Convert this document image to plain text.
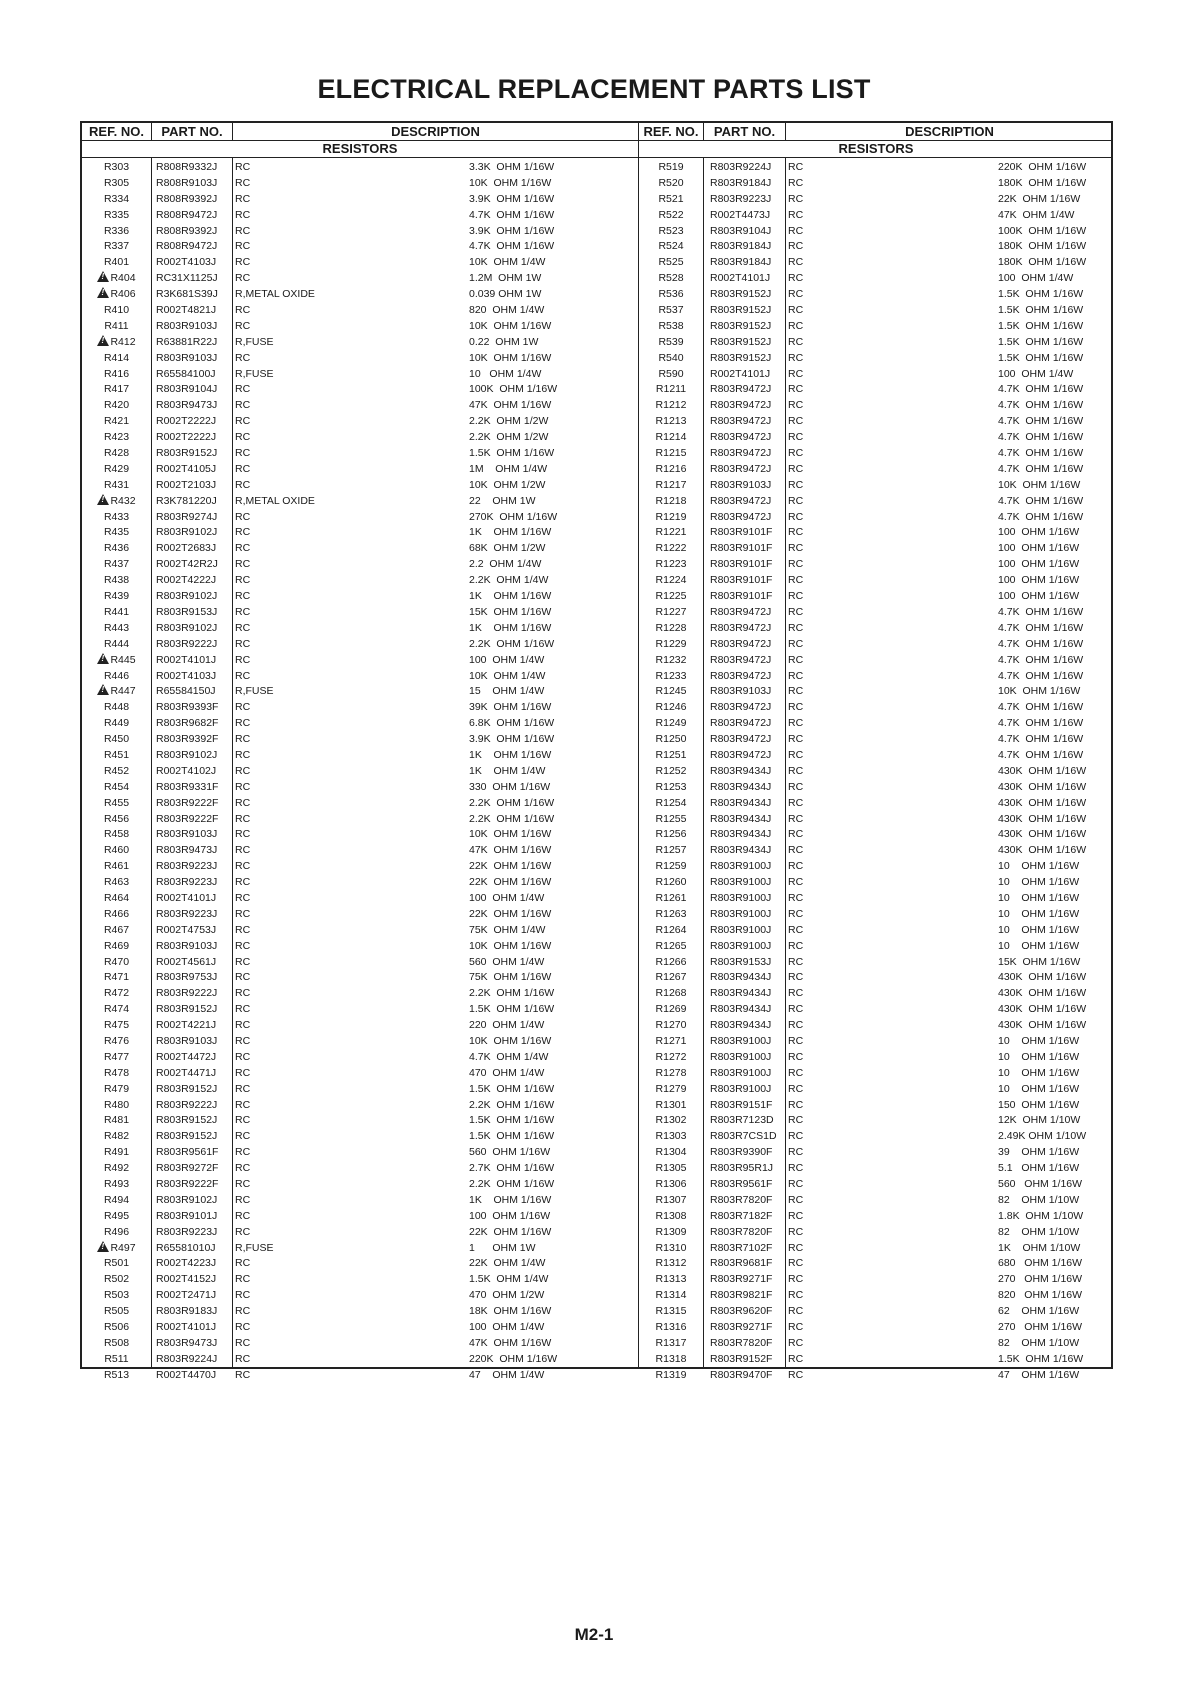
ELECTRICAL REPLACEMENT PARTS LIST
REF. NO.	PART NO.	DESCRIPTION	REF. NO.	PART NO.	DESCRIPTION
RESISTORS	RESISTORS
R303	R808R9332J RC	3.3K  OHM 1/16W
R305	R808R9103J RC	10K  OHM 1/16W
R334	R808R9392J RC	3.9K  OHM 1/16W
R335	R808R9472J RC	4.7K  OHM 1/16W
R336	R808R9392J RC	3.9K  OHM 1/16W
R337	R808R9472J RC	4.7K  OHM 1/16W
R401	R002T4103J RC	10K  OHM 1/4W
!R404	RC31X1125J RC	1.2M  OHM 1W
!R406	R3K681S39J R,METAL OXIDE	0.039 OHM 1W
R410	R002T4821J RC	820  OHM 1/4W
R411	R803R9103J RC	10K  OHM 1/16W
!R412	R63881R22J R,FUSE	0.22  OHM 1W
R414	R803R9103J RC	10K  OHM 1/16W
R416	R65584100J R,FUSE	10   OHM 1/4W
R417	R803R9104J RC	100K  OHM 1/16W
R420	R803R9473J RC	47K  OHM 1/16W
R421	R002T2222J RC	2.2K  OHM 1/2W
R423	R002T2222J RC	2.2K  OHM 1/2W
R428	R803R9152J RC	1.5K  OHM 1/16W
R429	R002T4105J RC	1M    OHM 1/4W
R431	R002T2103J RC	10K  OHM 1/2W
!R432	R3K781220J R,METAL OXIDE	22    OHM 1W
R433	R803R9274J RC	270K  OHM 1/16W
R435	R803R9102J RC	1K    OHM 1/16W
R436	R002T2683J RC	68K  OHM 1/2W
R437	R002T42R2J RC	2.2  OHM 1/4W
R438	R002T4222J RC	2.2K  OHM 1/4W
R439	R803R9102J RC	1K    OHM 1/16W
R441	R803R9153J RC	15K  OHM 1/16W
R443	R803R9102J RC	1K    OHM 1/16W
R444	R803R9222J RC	2.2K  OHM 1/16W
!R445	R002T4101J RC	100  OHM 1/4W
R446	R002T4103J RC	10K  OHM 1/4W
!R447	R65584150J R,FUSE	15    OHM 1/4W
R448	R803R9393F RC	39K  OHM 1/16W
R449	R803R9682F RC	6.8K  OHM 1/16W
R450	R803R9392F RC	3.9K  OHM 1/16W
R451	R803R9102J RC	1K    OHM 1/16W
R452	R002T4102J RC	1K    OHM 1/4W
R454	R803R9331F RC	330  OHM 1/16W
R455	R803R9222F RC	2.2K  OHM 1/16W
R456	R803R9222F RC	2.2K  OHM 1/16W
R458	R803R9103J RC	10K  OHM 1/16W
R460	R803R9473J RC	47K  OHM 1/16W
R461	R803R9223J RC	22K  OHM 1/16W
R463	R803R9223J RC	22K  OHM 1/16W
R464	R002T4101J RC	100  OHM 1/4W
R466	R803R9223J RC	22K  OHM 1/16W
R467	R002T4753J RC	75K  OHM 1/4W
R469	R803R9103J RC	10K  OHM 1/16W
R470	R002T4561J RC	560  OHM 1/4W
R471	R803R9753J RC	75K  OHM 1/16W
R472	R803R9222J RC	2.2K  OHM 1/16W
R474	R803R9152J RC	1.5K  OHM 1/16W
R475	R002T4221J RC	220  OHM 1/4W
R476	R803R9103J RC	10K  OHM 1/16W
R477	R002T4472J RC	4.7K  OHM 1/4W
R478	R002T4471J RC	470  OHM 1/4W
R479	R803R9152J RC	1.5K  OHM 1/16W
R480	R803R9222J RC	2.2K  OHM 1/16W
R481	R803R9152J RC	1.5K  OHM 1/16W
R482	R803R9152J RC	1.5K  OHM 1/16W
R491	R803R9561F RC	560  OHM 1/16W
R492	R803R9272F RC	2.7K  OHM 1/16W
R493	R803R9222F RC	2.2K  OHM 1/16W
R494	R803R9102J RC	1K    OHM 1/16W
R495	R803R9101J RC	100  OHM 1/16W
R496	R803R9223J RC	22K  OHM 1/16W
!R497	R65581010J R,FUSE	1      OHM 1W
R501	R002T4223J RC	22K  OHM 1/4W
R502	R002T4152J RC	1.5K  OHM 1/4W
R503	R002T2471J RC	470  OHM 1/2W
R505	R803R9183J RC	18K  OHM 1/16W
R506	R002T4101J RC	100  OHM 1/4W
R508	R803R9473J RC	47K  OHM 1/16W
R511	R803R9224J RC	220K  OHM 1/16W
R513	R002T4470J RC	47    OHM 1/4W
R519	R803R9224J RC	220K  OHM 1/16W
R520	R803R9184J RC	180K  OHM 1/16W
R521	R803R9223J RC	22K  OHM 1/16W
R522	R002T4473J RC	47K  OHM 1/4W
R523	R803R9104J RC	100K  OHM 1/16W
R524	R803R9184J RC	180K  OHM 1/16W
R525	R803R9184J RC	180K  OHM 1/16W
R528	R002T4101J RC	100  OHM 1/4W
R536	R803R9152J RC	1.5K  OHM 1/16W
R537	R803R9152J RC	1.5K  OHM 1/16W
R538	R803R9152J RC	1.5K  OHM 1/16W
R539	R803R9152J RC	1.5K  OHM 1/16W
R540	R803R9152J RC	1.5K  OHM 1/16W
R590	R002T4101J RC	100  OHM 1/4W
R1211	R803R9472J RC	4.7K  OHM 1/16W
R1212	R803R9472J RC	4.7K  OHM 1/16W
R1213	R803R9472J RC	4.7K  OHM 1/16W
R1214	R803R9472J RC	4.7K  OHM 1/16W
R1215	R803R9472J RC	4.7K  OHM 1/16W
R1216	R803R9472J RC	4.7K  OHM 1/16W
R1217	R803R9103J RC	10K  OHM 1/16W
R1218	R803R9472J RC	4.7K  OHM 1/16W
R1219	R803R9472J RC	4.7K  OHM 1/16W
R1221	R803R9101F RC	100  OHM 1/16W
R1222	R803R9101F RC	100  OHM 1/16W
R1223	R803R9101F RC	100  OHM 1/16W
R1224	R803R9101F RC	100  OHM 1/16W
R1225	R803R9101F RC	100  OHM 1/16W
R1227	R803R9472J RC	4.7K  OHM 1/16W
R1228	R803R9472J RC	4.7K  OHM 1/16W
R1229	R803R9472J RC	4.7K  OHM 1/16W
R1232	R803R9472J RC	4.7K  OHM 1/16W
R1233	R803R9472J RC	4.7K  OHM 1/16W
R1245	R803R9103J RC	10K  OHM 1/16W
R1246	R803R9472J RC	4.7K  OHM 1/16W
R1249	R803R9472J RC	4.7K  OHM 1/16W
R1250	R803R9472J RC	4.7K  OHM 1/16W
R1251	R803R9472J RC	4.7K  OHM 1/16W
R1252	R803R9434J RC	430K  OHM 1/16W
R1253	R803R9434J RC	430K  OHM 1/16W
R1254	R803R9434J RC	430K  OHM 1/16W
R1255	R803R9434J RC	430K  OHM 1/16W
R1256	R803R9434J RC	430K  OHM 1/16W
R1257	R803R9434J RC	430K  OHM 1/16W
R1259	R803R9100J RC	10    OHM 1/16W
R1260	R803R9100J RC	10    OHM 1/16W
R1261	R803R9100J RC	10    OHM 1/16W
R1263	R803R9100J RC	10    OHM 1/16W
R1264	R803R9100J RC	10    OHM 1/16W
R1265	R803R9100J RC	10    OHM 1/16W
R1266	R803R9153J RC	15K  OHM 1/16W
R1267	R803R9434J RC	430K  OHM 1/16W
R1268	R803R9434J RC	430K  OHM 1/16W
R1269	R803R9434J RC	430K  OHM 1/16W
R1270	R803R9434J RC	430K  OHM 1/16W
R1271	R803R9100J RC	10    OHM 1/16W
R1272	R803R9100J RC	10    OHM 1/16W
R1278	R803R9100J RC	10    OHM 1/16W
R1279	R803R9100J RC	10    OHM 1/16W
R1301	R803R9151F RC	150  OHM 1/16W
R1302	R803R7123D RC	12K  OHM 1/10W
R1303	R803R7CS1D RC	2.49K OHM 1/10W
R1304	R803R9390F RC	39    OHM 1/16W
R1305	R803R95R1J RC	5.1   OHM 1/16W
R1306	R803R9561F RC	560   OHM 1/16W
R1307	R803R7820F RC	82    OHM 1/10W
R1308	R803R7182F RC	1.8K  OHM 1/10W
R1309	R803R7820F RC	82    OHM 1/10W
R1310	R803R7102F RC	1K    OHM 1/10W
R1312	R803R9681F RC	680   OHM 1/16W
R1313	R803R9271F RC	270   OHM 1/16W
R1314	R803R9821F RC	820   OHM 1/16W
R1315	R803R9620F RC	62    OHM 1/16W
R1316	R803R9271F RC	270   OHM 1/16W
R1317	R803R7820F RC	82    OHM 1/10W
R1318	R803R9152F RC	1.5K  OHM 1/16W
R1319	R803R9470F RC	47    OHM 1/16W
M2-1
